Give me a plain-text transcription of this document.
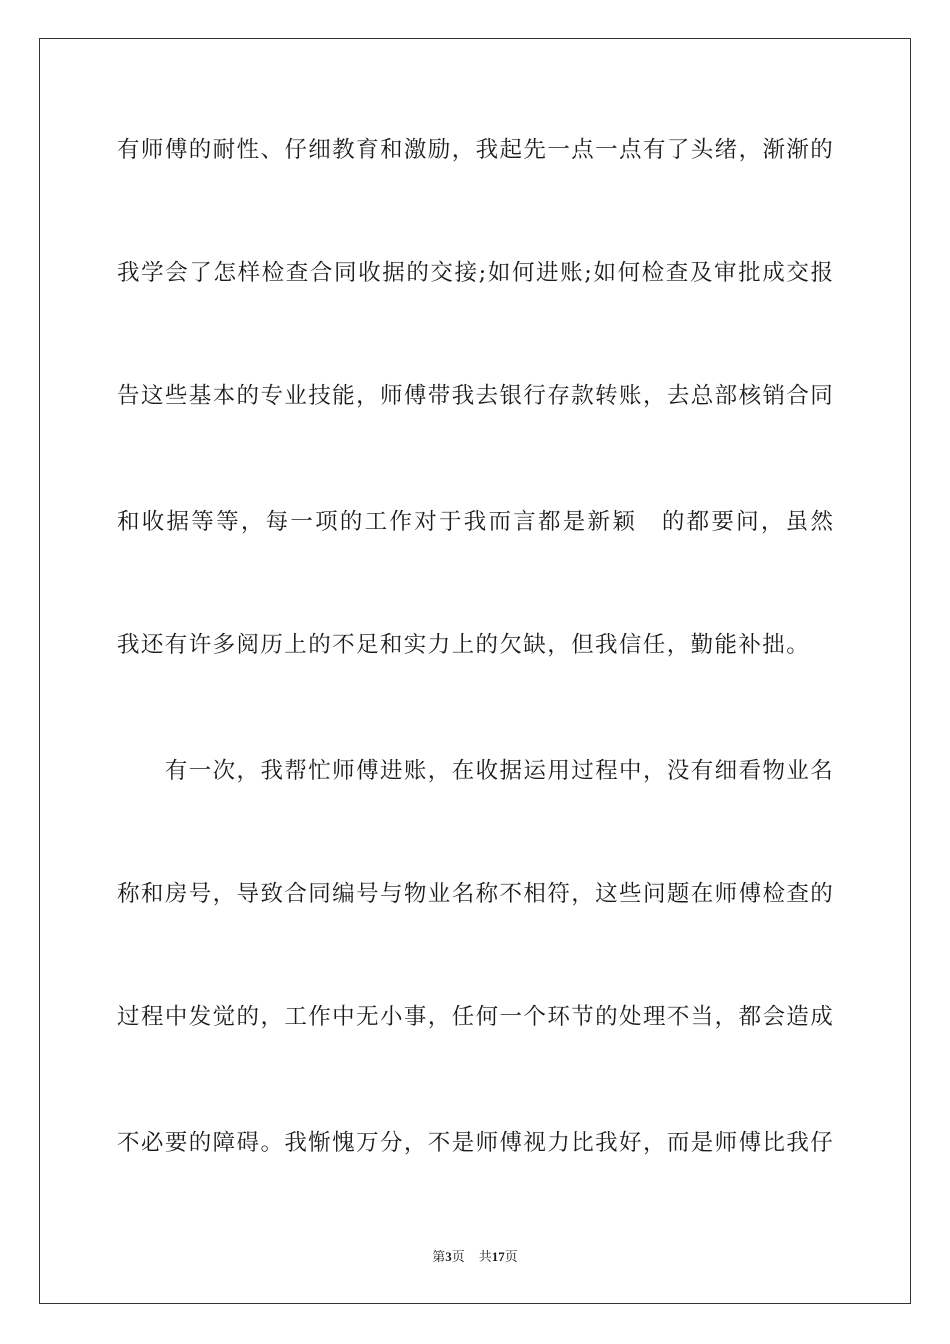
有 师 傅 的 耐 性 、 仔 细 教 育 和 激 励 ， 我 起 先 一 点 一 点 有 了 头 绪 ， 渐 渐 的
我 学 会 了 怎 样 检 查 合 同 收 据 的 交 接 ; 如 何 进 账 ; 如 何 检 查 及 审 批 成 交 报
告 这 些 基 本 的 专 业 技 能 ， 师 傅 带 我 去 银 行 存 款 转 账 ， 去 总 部 核 销 合 同
和 收 据 等 等 ， 每 一 项 的 工 作 对 于 我 而 言 都 是 新 颖
　 的 都 要 问 ， 虽 然
我还有许多阅历上的不足和实力上的欠缺，但我信任，勤能补拙。

有 一 次 ， 我 帮 忙 师 傅 进 账 ， 在 收 据 运 用 过 程 中 ， 没 有 细 看 物 业 名
称 和 房 号 ， 导 致 合 同 编 号 与 物 业 名 称 不 相 符 ， 这 些 问 题 在 师 傅 检 查 的
过 程 中 发 觉 的 ， 工 作 中 无 小 事 ， 任 何 一 个 环 节 的 处 理 不 当 ， 都 会 造 成
不 必 要 的 障 碍 。 我 惭 愧 万 分 ， 不 是 师 傅 视 力 比 我 好 ， 而 是 师 傅 比 我 仔
第3页 共17页
